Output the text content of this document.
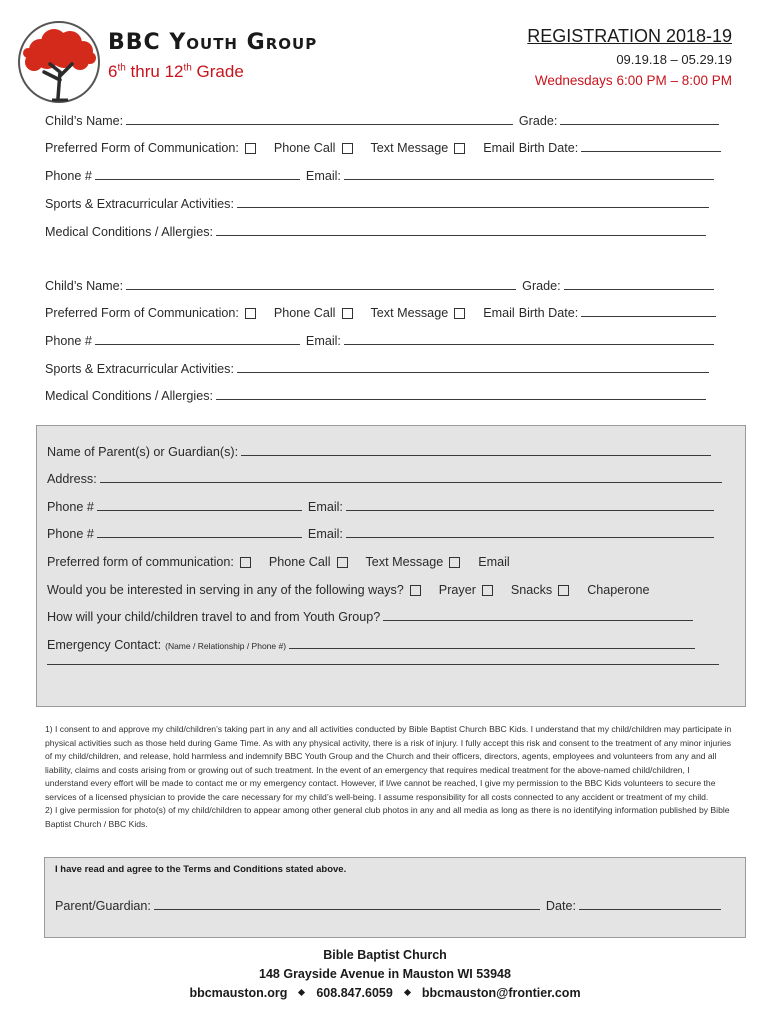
BBC Youth Group
6th thru 12th Grade
REGISTRATION 2018-19
09.19.18 – 05.29.19
Wednesdays 6:00 PM – 8:00 PM
Child’s Name:	Grade:
Preferred Form of Communication:	Phone Call	Text Message	Email Birth Date:
Phone #	Email:
Sports & Extracurricular Activities:
Medical Conditions / Allergies:
Child’s Name:	Grade:
Preferred Form of Communication:	Phone Call	Text Message	Email Birth Date:
Phone #	Email:
Sports & Extracurricular Activities:
Medical Conditions / Allergies:
Name of Parent(s) or Guardian(s):
Address:
Phone #	Email:
Phone #	Email:
Preferred form of communication:	Phone Call	Text Message	Email
Would you be interested in serving in any of the following ways?	Prayer	Snacks	Chaperone
How will your child/children travel to and from Youth Group?
Emergency Contact: (Name / Relationship / Phone #)
1) I consent to and approve my child/children’s taking part in any and all activities conducted by Bible Baptist Church BBC Kids. I understand that my child/children may participate in physical activities such as those held during Game Time. As with any physical activity, there is a risk of injury. I fully accept this risk and consent to the treatment of any minor injuries of my child/children, and release, hold harmless and indemnify BBC Youth Group and the Church and their officers, directors, agents, employees and volunteers from any and all liability, claims and costs arising from or growing out of such treatment. In the event of an emergency that requires medical treatment for the above-named child/children, I understand every effort will be made to contact me or my emergency contact. However, if I/we cannot be reached, I give my permission to the BBC Kids volunteers to secure the services of a licensed physician to provide the care necessary for my child’s well-being. I assume responsibility for all costs connected to any accident or treatment of my child.
2) I give permission for photo(s) of my child/children to appear among other general club photos in any and all media as long as there is no identifying information published by Bible Baptist Church / BBC Kids.
I have read and agree to the Terms and Conditions stated above.
Parent/Guardian:	Date:
Bible Baptist Church
148 Grayside Avenue in Mauston WI 53948
bbcmauston.org 608.847.6059 bbcmauston@frontier.com
